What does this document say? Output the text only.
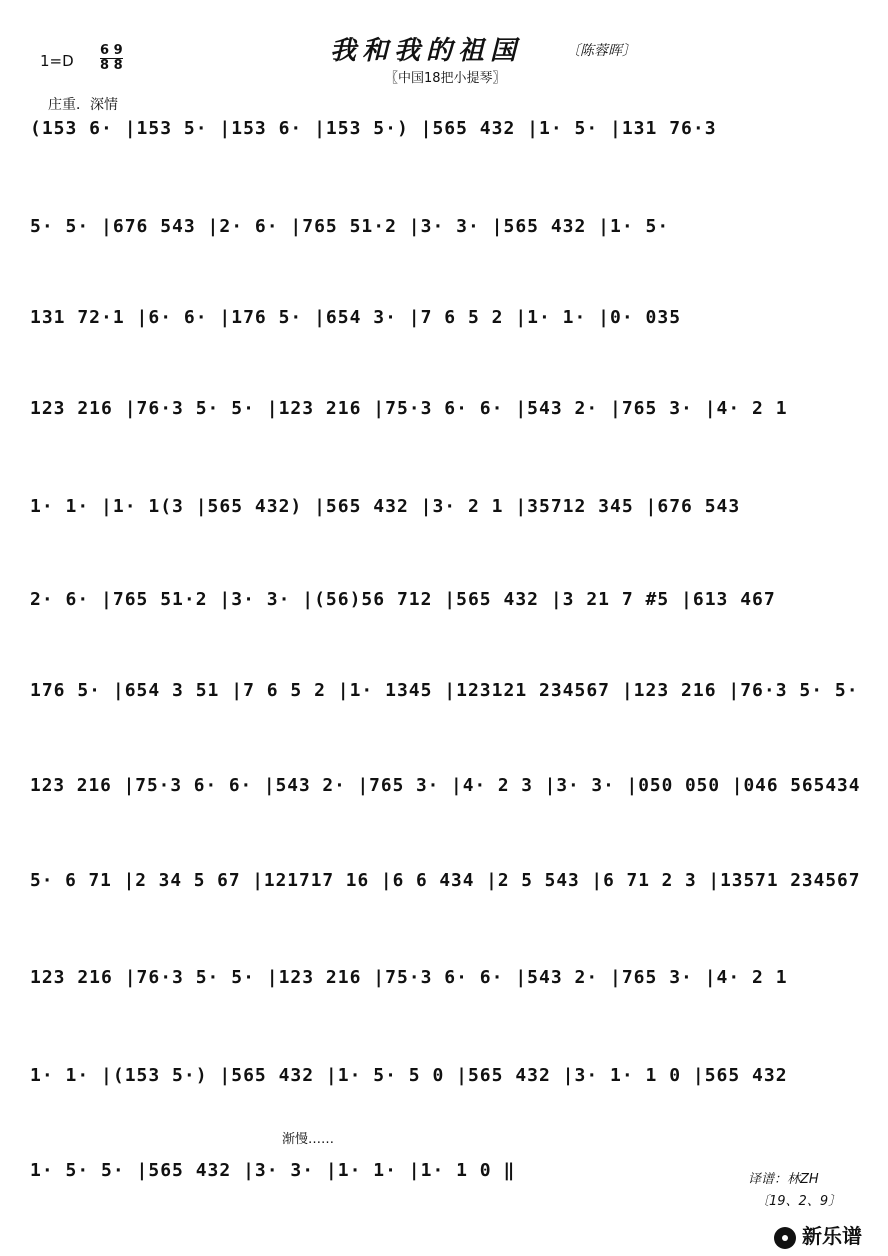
我和我的祖国	〔陈蓉晖〕
〖中国18把小提琴〗
$1=D \frac{6 9}{8 8}$
庄重．深情
(153 6· |153 5· |153 6· |153 5·) |565 432 |1· 5· |131 76·3
5· 5· |676 543 |2· 6· |765 51·2 |3· 3· |565 432 |1· 5·
131 72·1 |6· 6· |176 5· |654 3· |7 6 5 2 |1· 1· |0· 035
123 216 |76·3 5· 5· |123 216 |75·3 6· 6· |543 2· |765 3· |4· 2 1
1· 1· |1· 1(3 |565 432) |565 432 |3· 2 1 |35712 345 |676 543
2· 6· |765 51·2 |3· 3· |(56)56 712 |565 432 |3 21 7 #5 |613 467
176 5· |654 3 51 |7 6 5 2 |1· 1345 |123121 234567 |123 216 |76·3 5· 5·
123 216 |75·3 6· 6· |543 2· |765 3· |4· 2 3 |3· 3· |050 050 |046 565434
5· 6 71 |2 34 5 67 |121717 16 |6 6 434 |2 5 543 |6 71 2 3 |13571 234567
123 216 |76·3 5· 5· |123 216 |75·3 6· 6· |543 2· |765 3· |4· 2 1
1· 1· |(153 5·) |565 432 |1· 5· 5 0 |565 432 |3· 1· 1 0 |565 432
1· 5· 5· |565 432 |3· 3· |1· 1· |1· 1 0 ‖
渐慢……
译谱：林ZH
〔19、2、9〕
新乐谱
